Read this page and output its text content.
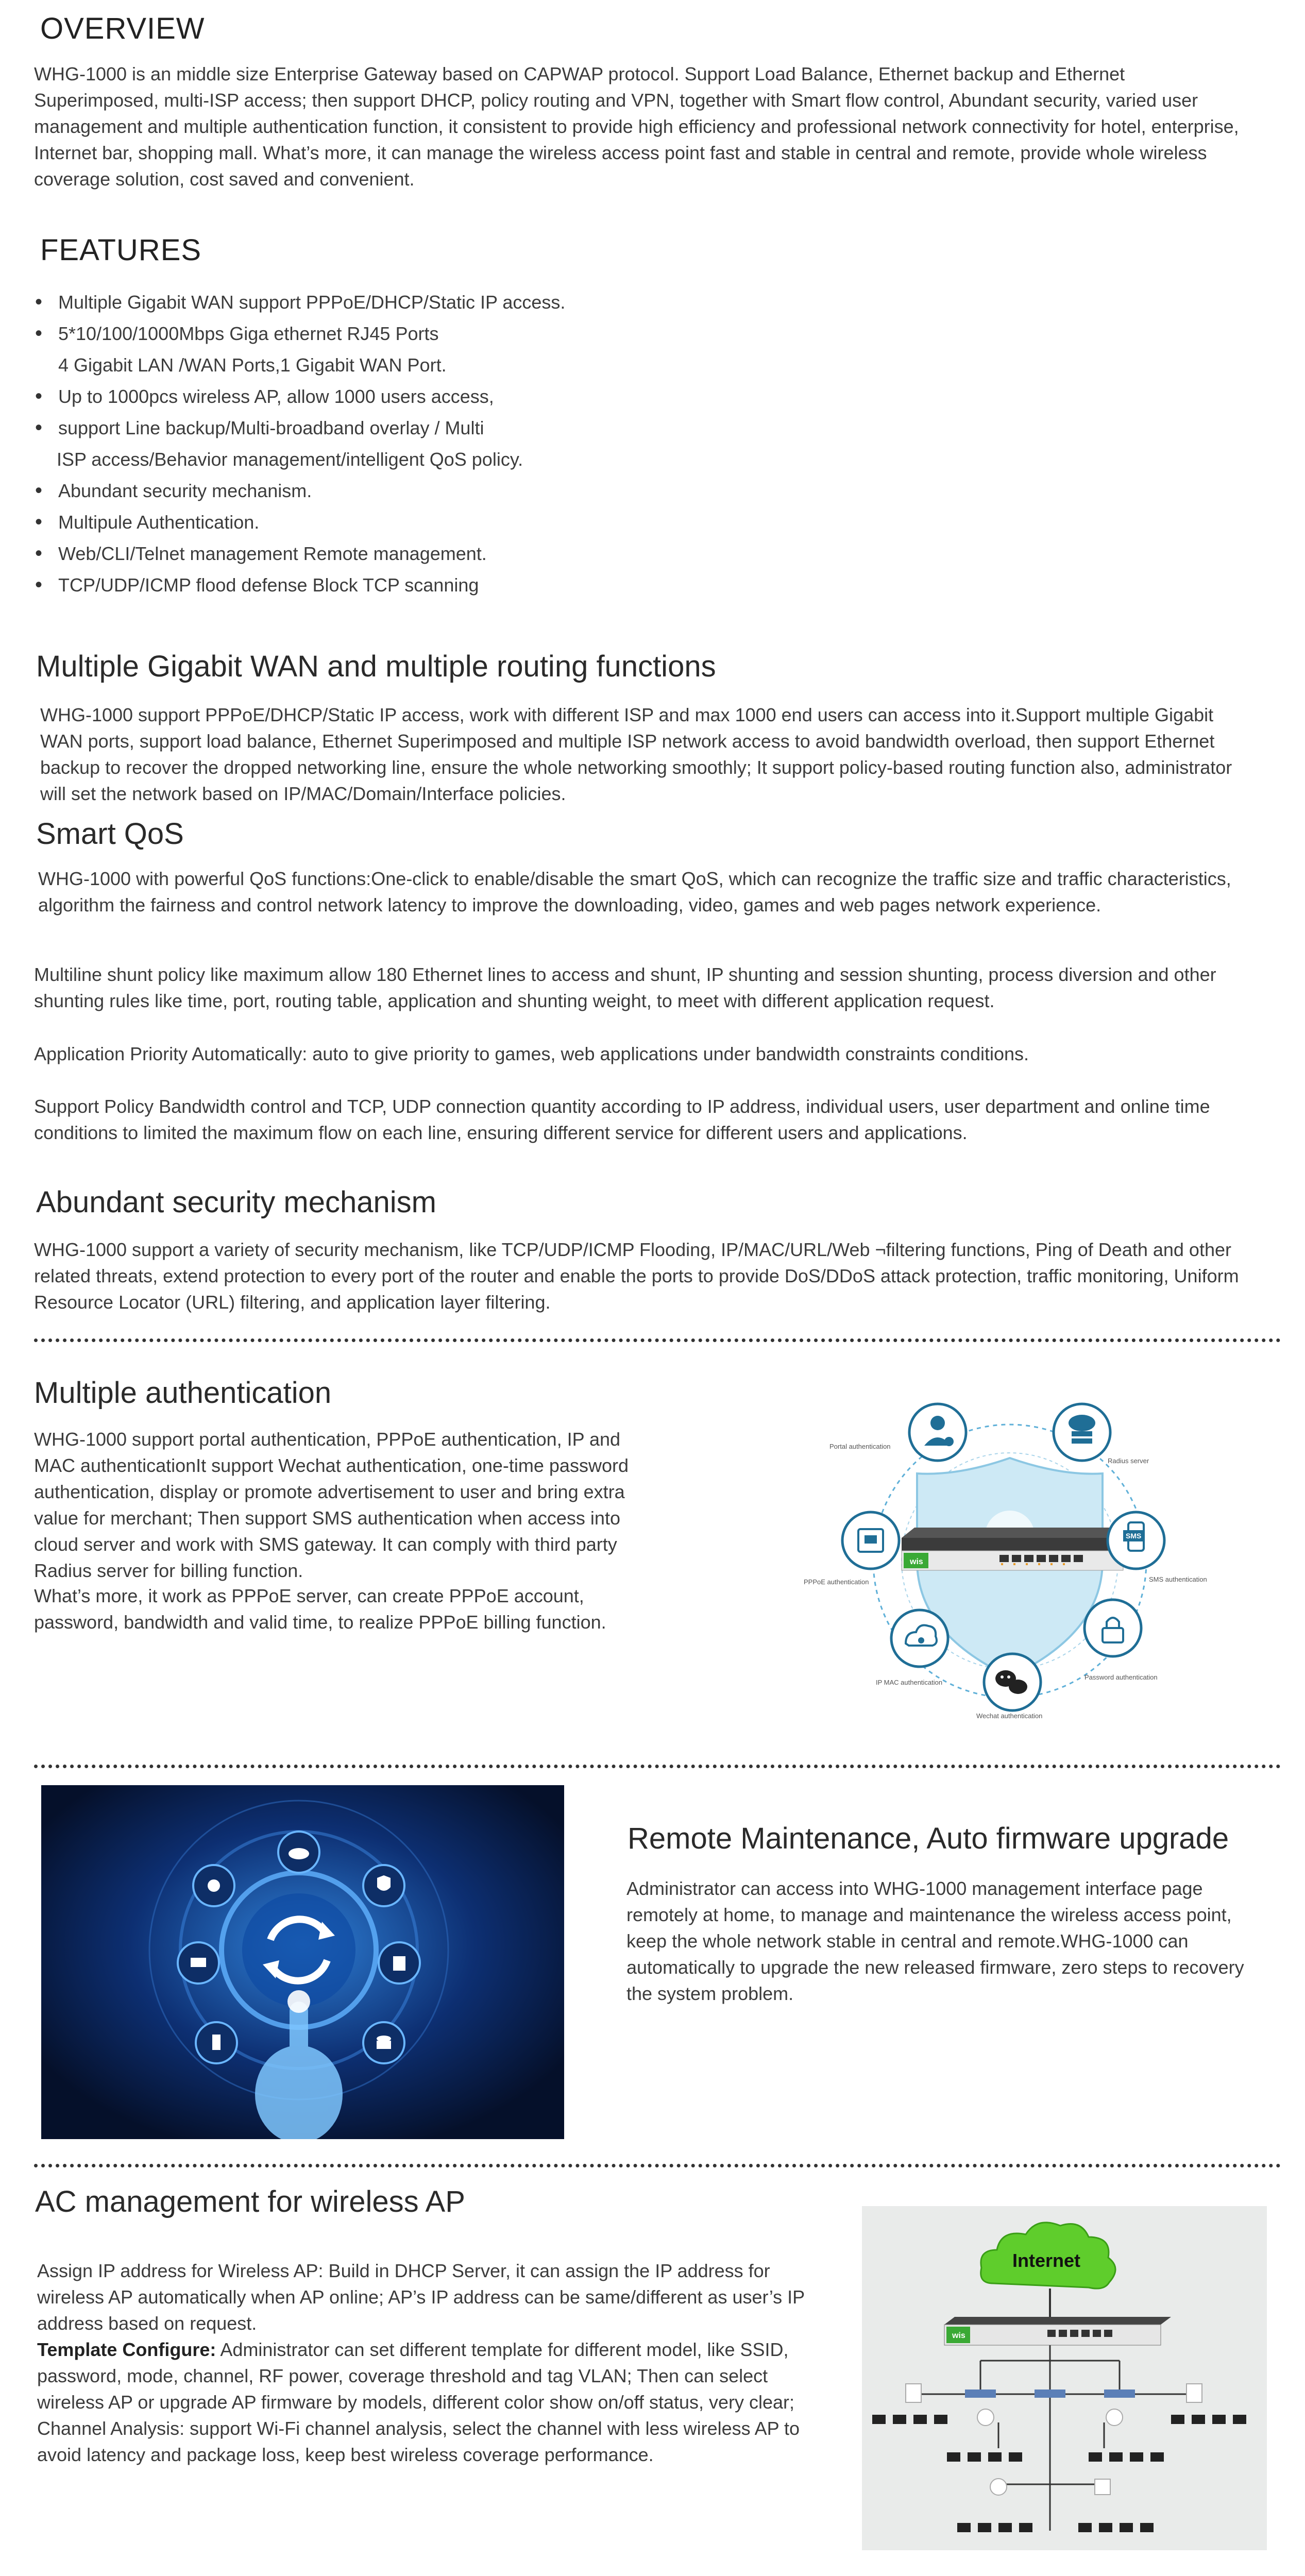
OVERVIEW
WHG-1000 is an middle size Enterprise Gateway based on CAPWAP protocol. Support Load Balance, Ethernet backup and Ethernet Superimposed, multi-ISP access; then support DHCP, policy routing and VPN, together with Smart flow control, Abundant security, varied user management and multiple authentication function, it consistent to provide high efficiency and professional network connectivity for hotel, enterprise, Internet bar, shopping mall. What’s more, it can manage the wireless access point fast and stable in central and remote, provide whole wireless coverage solution, cost saved and convenient.
FEATURES
• Multiple Gigabit WAN support PPPoE/DHCP/Static IP access.
• 5*10/100/1000Mbps Giga ethernet RJ45 Ports
4 Gigabit LAN /WAN Ports,1 Gigabit WAN Port.
• Up to 1000pcs wireless AP, allow 1000 users access,
• support Line backup/Multi-broadband overlay / Multi
ISP access/Behavior management/intelligent QoS policy.
• Abundant security mechanism.
• Multipule Authentication.
• Web/CLI/Telnet management Remote management.
• TCP/UDP/ICMP flood defense Block TCP scanning
Multiple Gigabit WAN and multiple routing functions
WHG-1000 support PPPoE/DHCP/Static IP access, work with different ISP and max 1000 end users can access into it.Support multiple Gigabit WAN ports, support load balance, Ethernet Superimposed and multiple ISP network access to avoid bandwidth overload, then support Ethernet backup to recover the dropped networking line, ensure the whole networking smoothly; It support policy-based routing function also, administrator will set the network based on IP/MAC/Domain/Interface policies.
Smart QoS
WHG-1000 with powerful QoS functions:One-click to enable/disable the smart QoS, which can recognize the traffic size and traffic characteristics, algorithm the fairness and control network latency to improve the downloading, video, games and web pages network experience.
Multiline shunt policy like maximum allow 180 Ethernet lines to access and shunt, IP shunting and session shunting, process diversion and other shunting rules like time, port, routing table, application and shunting weight, to meet with different application request.
Application Priority Automatically: auto to give priority to games, web applications under bandwidth constraints conditions.
Support Policy Bandwidth control and TCP, UDP connection quantity according to IP address, individual users, user department and online time conditions to limited the maximum flow on each line, ensuring different service for different users and applications.
Abundant security mechanism
WHG-1000 support a variety of security mechanism, like TCP/UDP/ICMP Flooding, IP/MAC/URL/Web ¬filtering functions, Ping of Death and other related threats, extend protection to every port of the router and enable the ports to provide DoS/DDoS attack protection, traffic monitoring, Uniform Resource Locator (URL) filtering, and application layer filtering.
Multiple authentication
WHG-1000 support portal authentication, PPPoE authentication, IP and MAC authenticationIt support Wechat authentication, one-time password authentication, display or promote advertisement to user and bring extra value for merchant; Then support SMS authentication when access into cloud server and work with SMS gateway. It can comply with third party Radius server for billing function.
What’s more, it work as PPPoE server, can create PPPoE account, password, bandwidth and valid time, to realize PPPoE billing function.
wis
Portal authentication
Radius server
SMS
SMS authentication
PPPoE authentication
IP MAC authentication
Wechat authentication
Password authentication
Remote Maintenance, Auto firmware upgrade
Administrator can access into WHG-1000 management interface page remotely at home, to manage and maintenance the wireless access point, keep the whole network stable in central and remote.WHG-1000 can automatically to upgrade the new released firmware, zero steps to recovery the system problem.
AC management for wireless AP
Assign IP address for Wireless AP: Build in DHCP Server, it can assign the IP address for wireless AP automatically when AP online; AP’s IP address can be same/different as user’s IP address based on request.
Template Configure: Administrator can set different template for different model, like SSID, password, mode, channel, RF power, coverage threshold and tag VLAN; Then can select wireless AP or upgrade AP firmware by models, different color show on/off status, very clear; Channel Analysis: support Wi-Fi channel analysis, select the channel with less wireless AP to avoid latency and package loss, keep best wireless coverage performance.
Internet
wis
